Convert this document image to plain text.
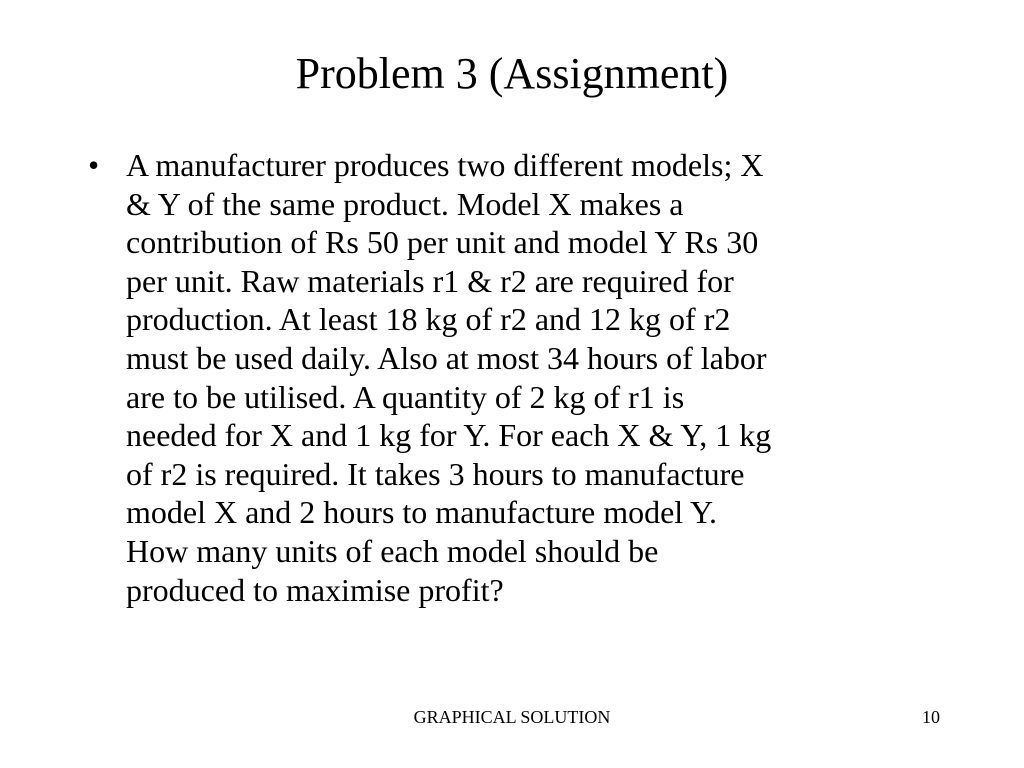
Problem 3 (Assignment)
• A manufacturer produces two different models; X
& Y of the same product. Model X makes a
contribution of Rs 50 per unit and model Y Rs 30
per unit. Raw materials r1 & r2 are required for
production. At least 18 kg of r2 and 12 kg of r2
must be used daily. Also at most 34 hours of labor
are to be utilised. A quantity of 2 kg of r1 is
needed for X and 1 kg for Y. For each X & Y, 1 kg
of r2 is required. It takes 3 hours to manufacture
model X and 2 hours to manufacture model Y.
How many units of each model should be
produced to maximise profit?
GRAPHICAL SOLUTION	10
